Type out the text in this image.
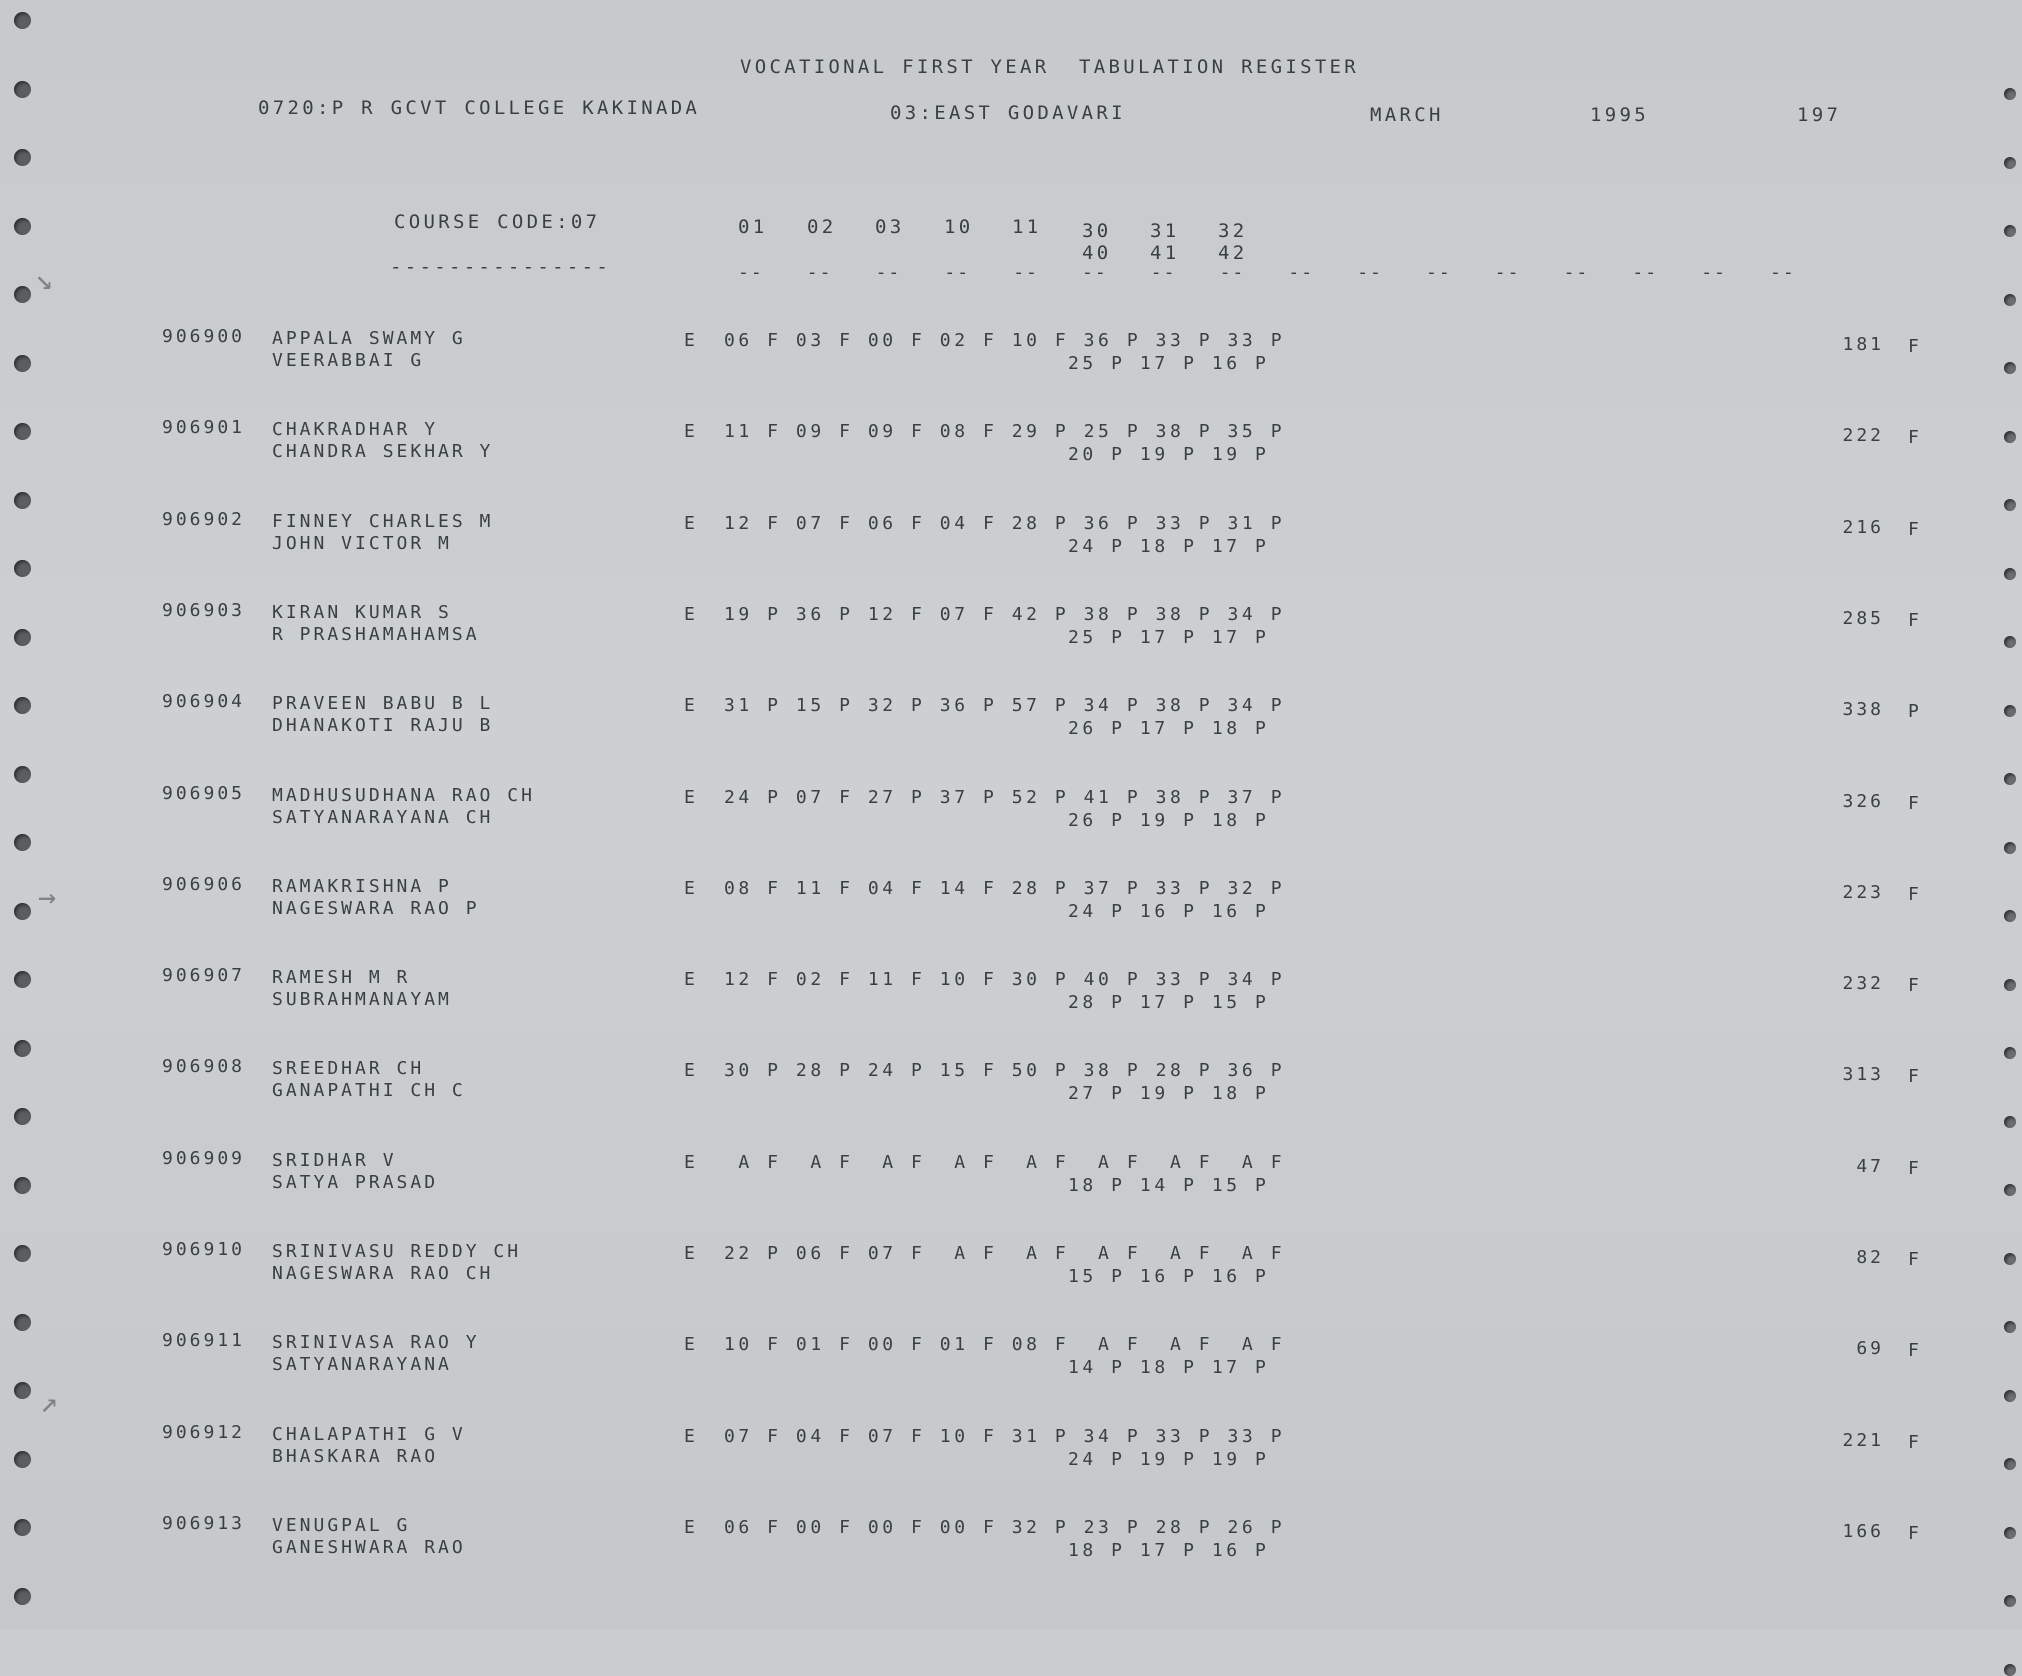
↘
→
↗
VOCATIONAL FIRST YEAR  TABULATION REGISTER
0720:P R GCVT COLLEGE KAKINADA	03:EAST GODAVARI	MARCH	1995	197
COURSE CODE:07
---------------
01 02 03 10 11 30 31 32
40 41 42
-- -- -- -- -- -- -- -- -- -- -- -- -- -- -- --
906900 APPALA SWAMY G
VEERABBAI G
E 06 F 03 F 00 F 02 F 10 F 36 P 33 P 33 P
25 P 17 P 16 P
181 F
906901 CHAKRADHAR Y
CHANDRA SEKHAR Y
E 11 F 09 F 09 F 08 F 29 P 25 P 38 P 35 P
20 P 19 P 19 P
222 F
906902 FINNEY CHARLES M
JOHN VICTOR M
E 12 F 07 F 06 F 04 F 28 P 36 P 33 P 31 P
24 P 18 P 17 P
216 F
906903 KIRAN KUMAR S
R PRASHAMAHAMSA
E 19 P 36 P 12 F 07 F 42 P 38 P 38 P 34 P
25 P 17 P 17 P
285 F
906904 PRAVEEN BABU B L
DHANAKOTI RAJU B
E 31 P 15 P 32 P 36 P 57 P 34 P 38 P 34 P
26 P 17 P 18 P
338 P
906905 MADHUSUDHANA RAO CH
SATYANARAYANA CH
E 24 P 07 F 27 P 37 P 52 P 41 P 38 P 37 P
26 P 19 P 18 P
326 F
906906 RAMAKRISHNA P
NAGESWARA RAO P
E 08 F 11 F 04 F 14 F 28 P 37 P 33 P 32 P
24 P 16 P 16 P
223 F
906907 RAMESH M R
SUBRAHMANAYAM
E 12 F 02 F 11 F 10 F 30 P 40 P 33 P 34 P
28 P 17 P 15 P
232 F
906908 SREEDHAR CH
GANAPATHI CH C
E 30 P 28 P 24 P 15 F 50 P 38 P 28 P 36 P
27 P 19 P 18 P
313 F
906909 SRIDHAR V
SATYA PRASAD
E A F  A F  A F  A F  A F  A F  A F  A F
18 P 14 P 15 P
47 F
906910 SRINIVASU REDDY CH
NAGESWARA RAO CH
E 22 P 06 F 07 F  A F  A F  A F  A F  A F
15 P 16 P 16 P
82 F
906911 SRINIVASA RAO Y
SATYANARAYANA
E 10 F 01 F 00 F 01 F 08 F  A F  A F  A F
14 P 18 P 17 P
69 F
906912 CHALAPATHI G V
BHASKARA RAO
E 07 F 04 F 07 F 10 F 31 P 34 P 33 P 33 P
24 P 19 P 19 P
221 F
906913 VENUGPAL G
GANESHWARA RAO
E 06 F 00 F 00 F 00 F 32 P 23 P 28 P 26 P
18 P 17 P 16 P
166 F
